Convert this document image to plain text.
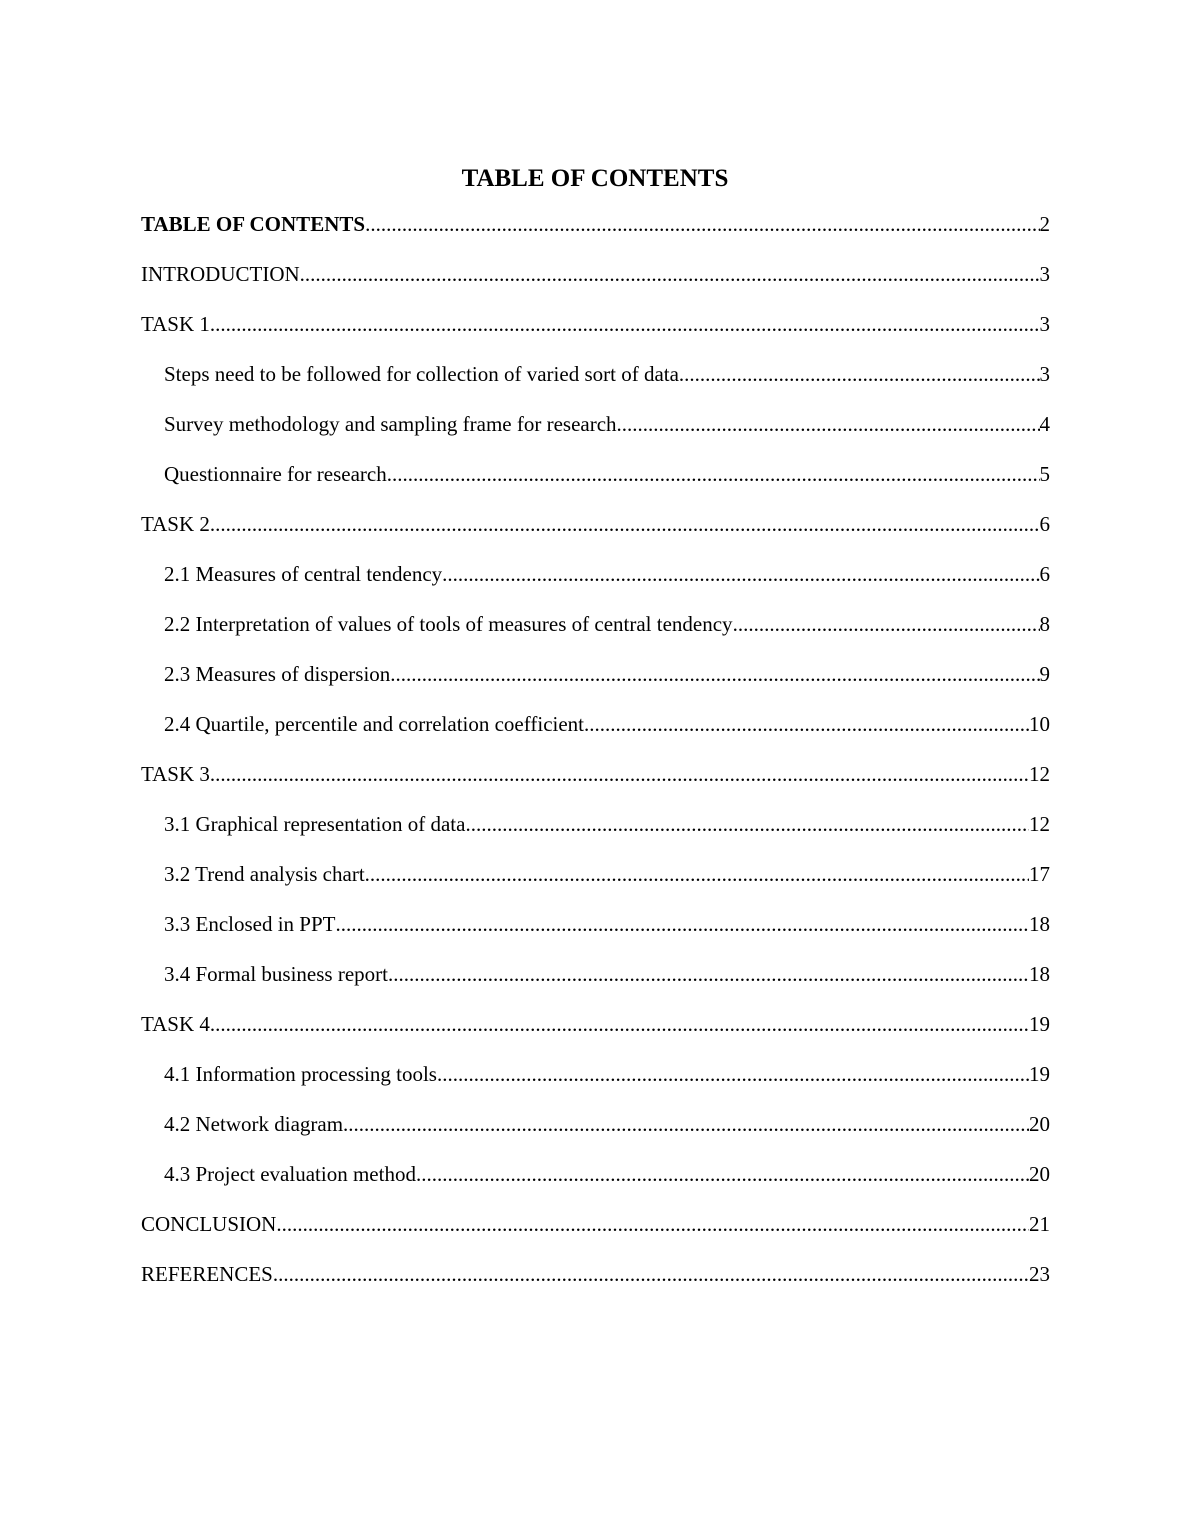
TABLE OF CONTENTS
TABLE OF CONTENTS .....	2
INTRODUCTION .....	3
TASK 1 .....	3
Steps need to be followed for collection of varied sort of data .....	3
Survey methodology and sampling frame for research .....	4
Questionnaire for research .....	5
TASK 2 .....	6
2.1 Measures of central tendency .....	6
2.2 Interpretation of values of tools of measures of central tendency .....	8
2.3 Measures of dispersion .....	9
2.4 Quartile, percentile and correlation coefficient .....	10
TASK 3 .....	12
3.1 Graphical representation of data .....	12
3.2 Trend analysis chart .....	17
3.3 Enclosed in PPT .....	18
3.4 Formal business report .....	18
TASK 4 .....	19
4.1 Information processing tools .....	19
4.2 Network diagram .....	20
4.3 Project evaluation method .....	20
CONCLUSION .....	21
REFERENCES .....	23
